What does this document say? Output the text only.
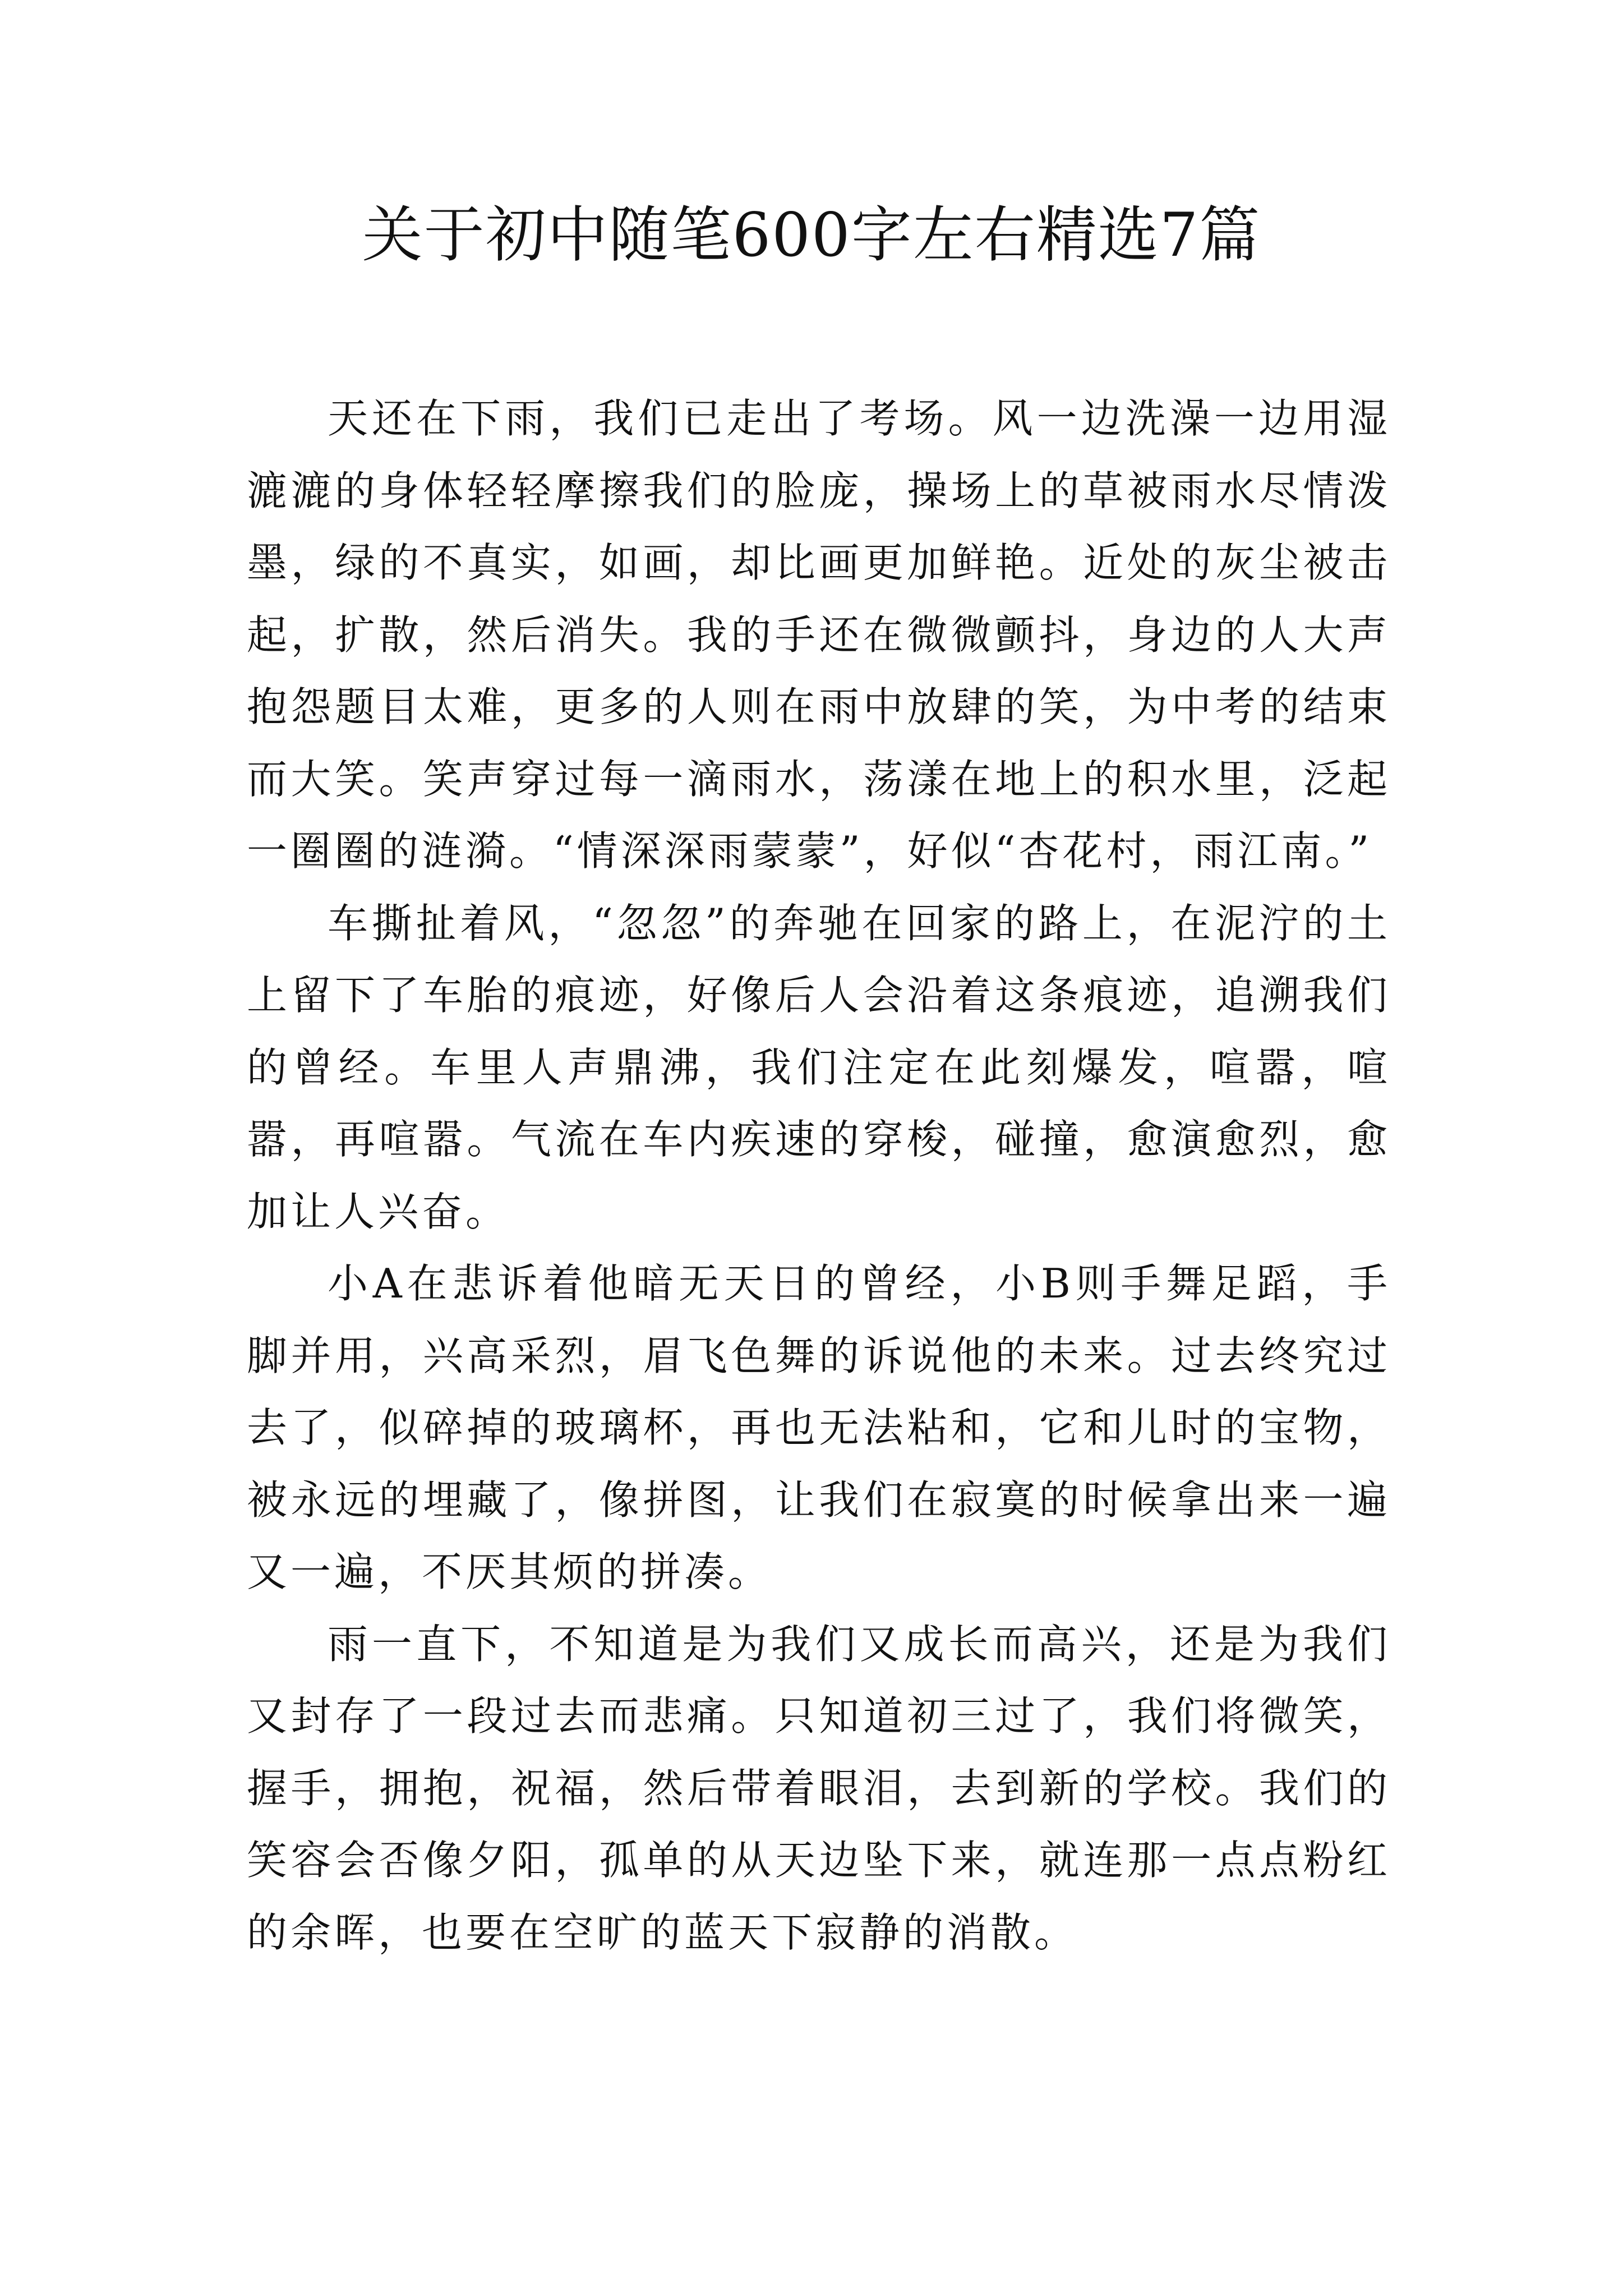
关于初中随笔600字左右精选7篇

天还在下雨，我们已走出了考场。风一边洗澡一边用湿漉漉的身体轻轻摩擦我们的脸庞，操场上的草被雨水尽情泼墨，绿的不真实，如画，却比画更加鲜艳。近处的灰尘被击起，扩散，然后消失。我的手还在微微颤抖，身边的人大声抱怨题目太难，更多的人则在雨中放肆的笑，为中考的结束而大笑。笑声穿过每一滴雨水，荡漾在地上的积水里，泛起一圈圈的涟漪。“情深深雨蒙蒙”，好似“杏花村，雨江南。”

车撕扯着风，“忽忽”的奔驰在回家的路上，在泥泞的土上留下了车胎的痕迹，好像后人会沿着这条痕迹，追溯我们的曾经。车里人声鼎沸，我们注定在此刻爆发，喧嚣，喧嚣，再喧嚣。气流在车内疾速的穿梭，碰撞，愈演愈烈，愈加让人兴奋。

小A在悲诉着他暗无天日的曾经，小B则手舞足蹈，手脚并用，兴高采烈，眉飞色舞的诉说他的未来。过去终究过去了，似碎掉的玻璃杯，再也无法粘和，它和儿时的宝物，被永远的埋藏了，像拼图，让我们在寂寞的时候拿出来一遍又一遍，不厌其烦的拼凑。

雨一直下，不知道是为我们又成长而高兴，还是为我们又封存了一段过去而悲痛。只知道初三过了，我们将微笑，握手，拥抱，祝福，然后带着眼泪，去到新的学校。我们的笑容会否像夕阳，孤单的从天边坠下来，就连那一点点粉红的余晖，也要在空旷的蓝天下寂静的消散。
